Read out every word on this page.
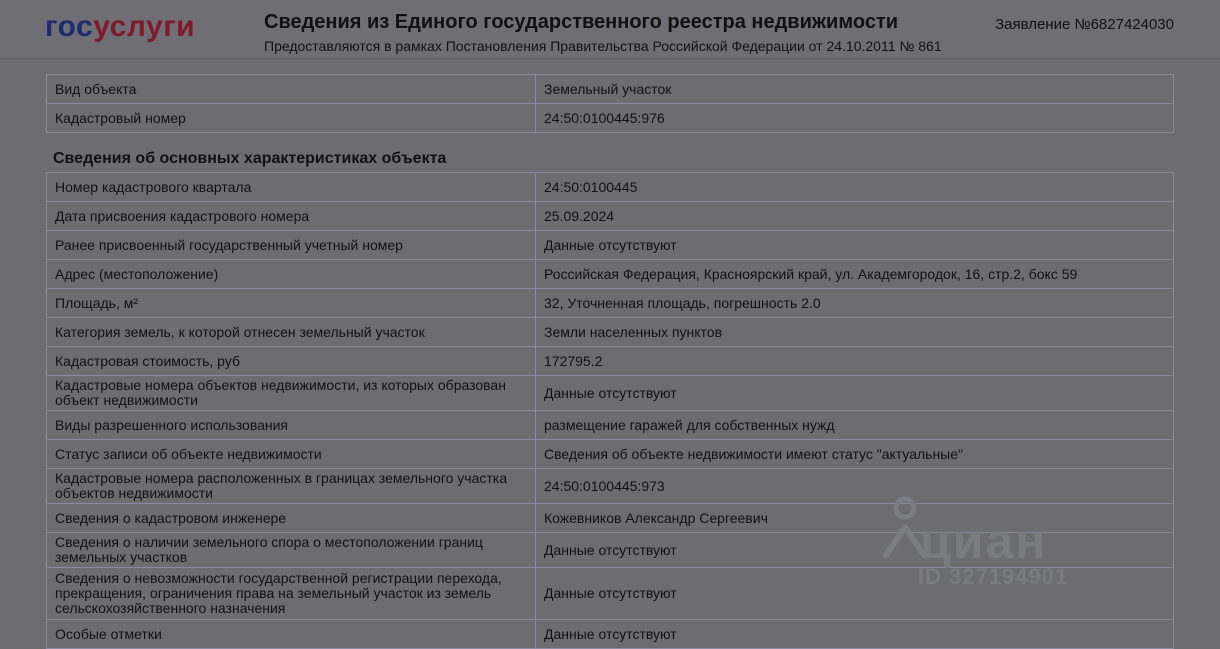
госуслуги	Сведения из Единого государственного реестра недвижимости
Предоставляются в рамках Постановления Правительства Российской Федерации от 24.10.2011 № 861
Заявление №6827424030
Вид объекта	Земельный участок
Кадастровый номер	24:50:0100445:976
Сведения об основных характеристиках объекта
Номер кадастрового квартала	24:50:0100445
Дата присвоения кадастрового номера	25.09.2024
Ранее присвоенный государственный учетный номер	Данные отсутствуют
Адрес (местоположение)	Российская Федерация, Красноярский край, ул. Академгородок, 16, стр.2, бокс 59
Площадь, м²	32, Уточненная площадь, погрешность 2.0
Категория земель, к которой отнесен земельный участок	Земли населенных пунктов
Кадастровая стоимость, руб	172795.2
Кадастровые номера объектов недвижимости, из которых образован объект недвижимости	Данные отсутствуют
Виды разрешенного использования	размещение гаражей для собственных нужд
Статус записи об объекте недвижимости	Сведения об объекте недвижимости имеют статус "актуальные"
Кадастровые номера расположенных в границах земельного участка объектов недвижимости	24:50:0100445:973
Сведения о кадастровом инженере	Кожевников Александр Сергеевич
Сведения о наличии земельного спора о местоположении границ земельных участков	Данные отсутствуют
Сведения о невозможности государственной регистрации перехода, прекращения, ограничения права на земельный участок из земель сельскохозяйственного назначения	Данные отсутствуют
Особые отметки	Данные отсутствуют
циан
ID 327194901
